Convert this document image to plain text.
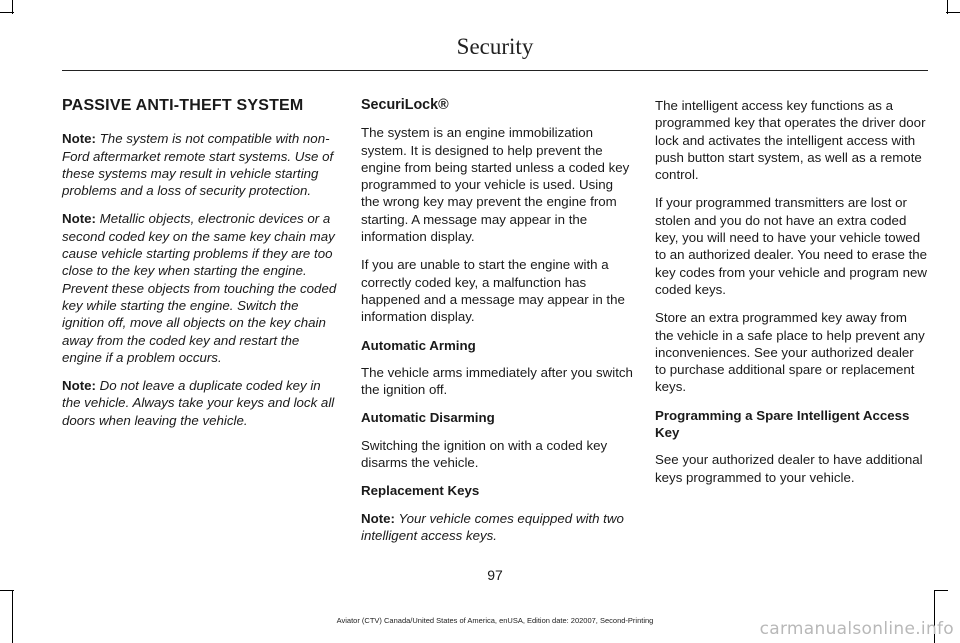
Security
PASSIVE ANTI-THEFT SYSTEM

Note: The system is not compatible with non-Ford aftermarket remote start systems. Use of these systems may result in vehicle starting problems and a loss of security protection.

Note: Metallic objects, electronic devices or a second coded key on the same key chain may cause vehicle starting problems if they are too close to the key when starting the engine. Prevent these objects from touching the coded key while starting the engine. Switch the ignition off, move all objects on the key chain away from the coded key and restart the engine if a problem occurs.

Note: Do not leave a duplicate coded key in the vehicle. Always take your keys and lock all doors when leaving the vehicle.

SecuriLock®

The system is an engine immobilization system. It is designed to help prevent the engine from being started unless a coded key programmed to your vehicle is used. Using the wrong key may prevent the engine from starting. A message may appear in the information display.

If you are unable to start the engine with a correctly coded key, a malfunction has happened and a message may appear in the information display.

Automatic Arming

The vehicle arms immediately after you switch the ignition off.

Automatic Disarming

Switching the ignition on with a coded key disarms the vehicle.

Replacement Keys

Note: Your vehicle comes equipped with two intelligent access keys.

The intelligent access key functions as a programmed key that operates the driver door lock and activates the intelligent access with push button start system, as well as a remote control.

If your programmed transmitters are lost or stolen and you do not have an extra coded key, you will need to have your vehicle towed to an authorized dealer. You need to erase the key codes from your vehicle and program new coded keys.

Store an extra programmed key away from the vehicle in a safe place to help prevent any inconveniences. See your authorized dealer to purchase additional spare or replacement keys.

Programming a Spare Intelligent Access Key

See your authorized dealer to have additional keys programmed to your vehicle.

97
Aviator (CTV) Canada/United States of America, enUSA, Edition date: 202007, Second-Printing	carmanualsonline.info
